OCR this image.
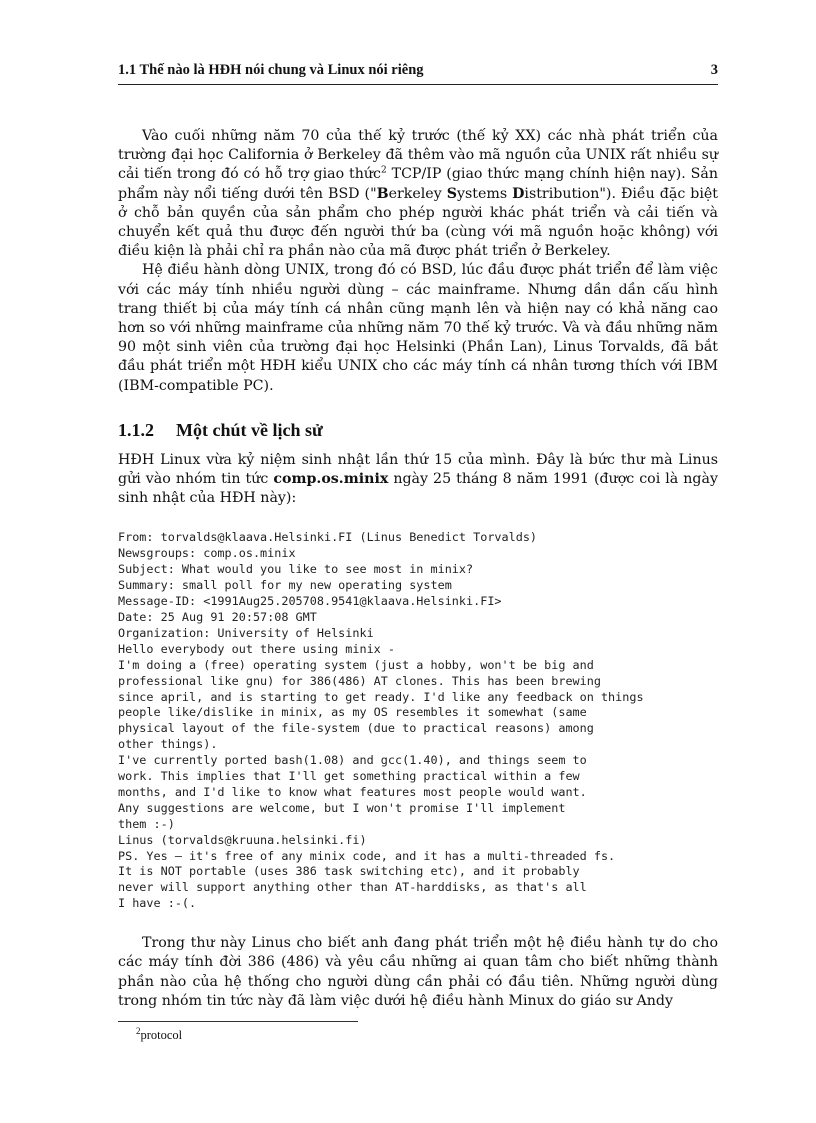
1.1 Thế nào là HĐH nói chung và Linux nói riêng	3

Vào cuối những năm 70 của thế kỷ trước (thế kỷ XX) các nhà phát triển của trường đại học California ở Berkeley đã thêm vào mã nguồn của UNIX rất nhiều sự cải tiến trong đó có hỗ trợ giao thức$^2$ TCP/IP (giao thức mạng chính hiện nay). Sản phẩm này nổi tiếng dưới tên BSD ("Berkeley Systems Distribution"). Điều đặc biệt ở chỗ bản quyền của sản phẩm cho phép người khác phát triển và cải tiến và chuyển kết quả thu được đến người thứ ba (cùng với mã nguồn hoặc không) với điều kiện là phải chỉ ra phần nào của mã được phát triển ở Berkeley.

Hệ điều hành dòng UNIX, trong đó có BSD, lúc đầu được phát triển để làm việc với các máy tính nhiều người dùng – các mainframe. Nhưng dần dần cấu hình trang thiết bị của máy tính cá nhân cũng mạnh lên và hiện nay có khả năng cao hơn so với những mainframe của những năm 70 thế kỷ trước. Và và đầu những năm 90 một sinh viên của trường đại học Helsinki (Phần Lan), Linus Torvalds, đã bắt đầu phát triển một HĐH kiểu UNIX cho các máy tính cá nhân tương thích với IBM (IBM-compatible PC).

1.1.2	Một chút về lịch sử

HĐH Linux vừa kỷ niệm sinh nhật lần thứ 15 của mình. Đây là bức thư mà Linus gửi vào nhóm tin tức comp.os.minix ngày 25 tháng 8 năm 1991 (được coi là ngày sinh nhật của HĐH này):

From: torvalds@klaava.Helsinki.FI (Linus Benedict Torvalds)
Newsgroups: comp.os.minix
Subject: What would you like to see most in minix?
Summary: small poll for my new operating system
Message-ID: <1991Aug25.205708.9541@klaava.Helsinki.FI>
Date: 25 Aug 91 20:57:08 GMT
Organization: University of Helsinki
Hello everybody out there using minix -
I'm doing a (free) operating system (just a hobby, won't be big and
professional like gnu) for 386(486) AT clones. This has been brewing
since april, and is starting to get ready. I'd like any feedback on things
people like/dislike in minix, as my OS resembles it somewhat (same
physical layout of the file-system (due to practical reasons) among
other things).
I've currently ported bash(1.08) and gcc(1.40), and things seem to
work. This implies that I'll get something practical within a few
months, and I'd like to know what features most people would want.
Any suggestions are welcome, but I won't promise I'll implement
them :-)
Linus (torvalds@kruuna.helsinki.fi)
PS. Yes — it's free of any minix code, and it has a multi-threaded fs.
It is NOT portable (uses 386 task switching etc), and it probably
never will support anything other than AT-harddisks, as that's all
I have :-(.

Trong thư này Linus cho biết anh đang phát triển một hệ điều hành tự do cho các máy tính đời 386 (486) và yêu cầu những ai quan tâm cho biết những thành phần nào của hệ thống cho người dùng cần phải có đầu tiên. Những người dùng trong nhóm tin tức này đã làm việc dưới hệ điều hành Minux do giáo sư Andy

$^2$protocol
